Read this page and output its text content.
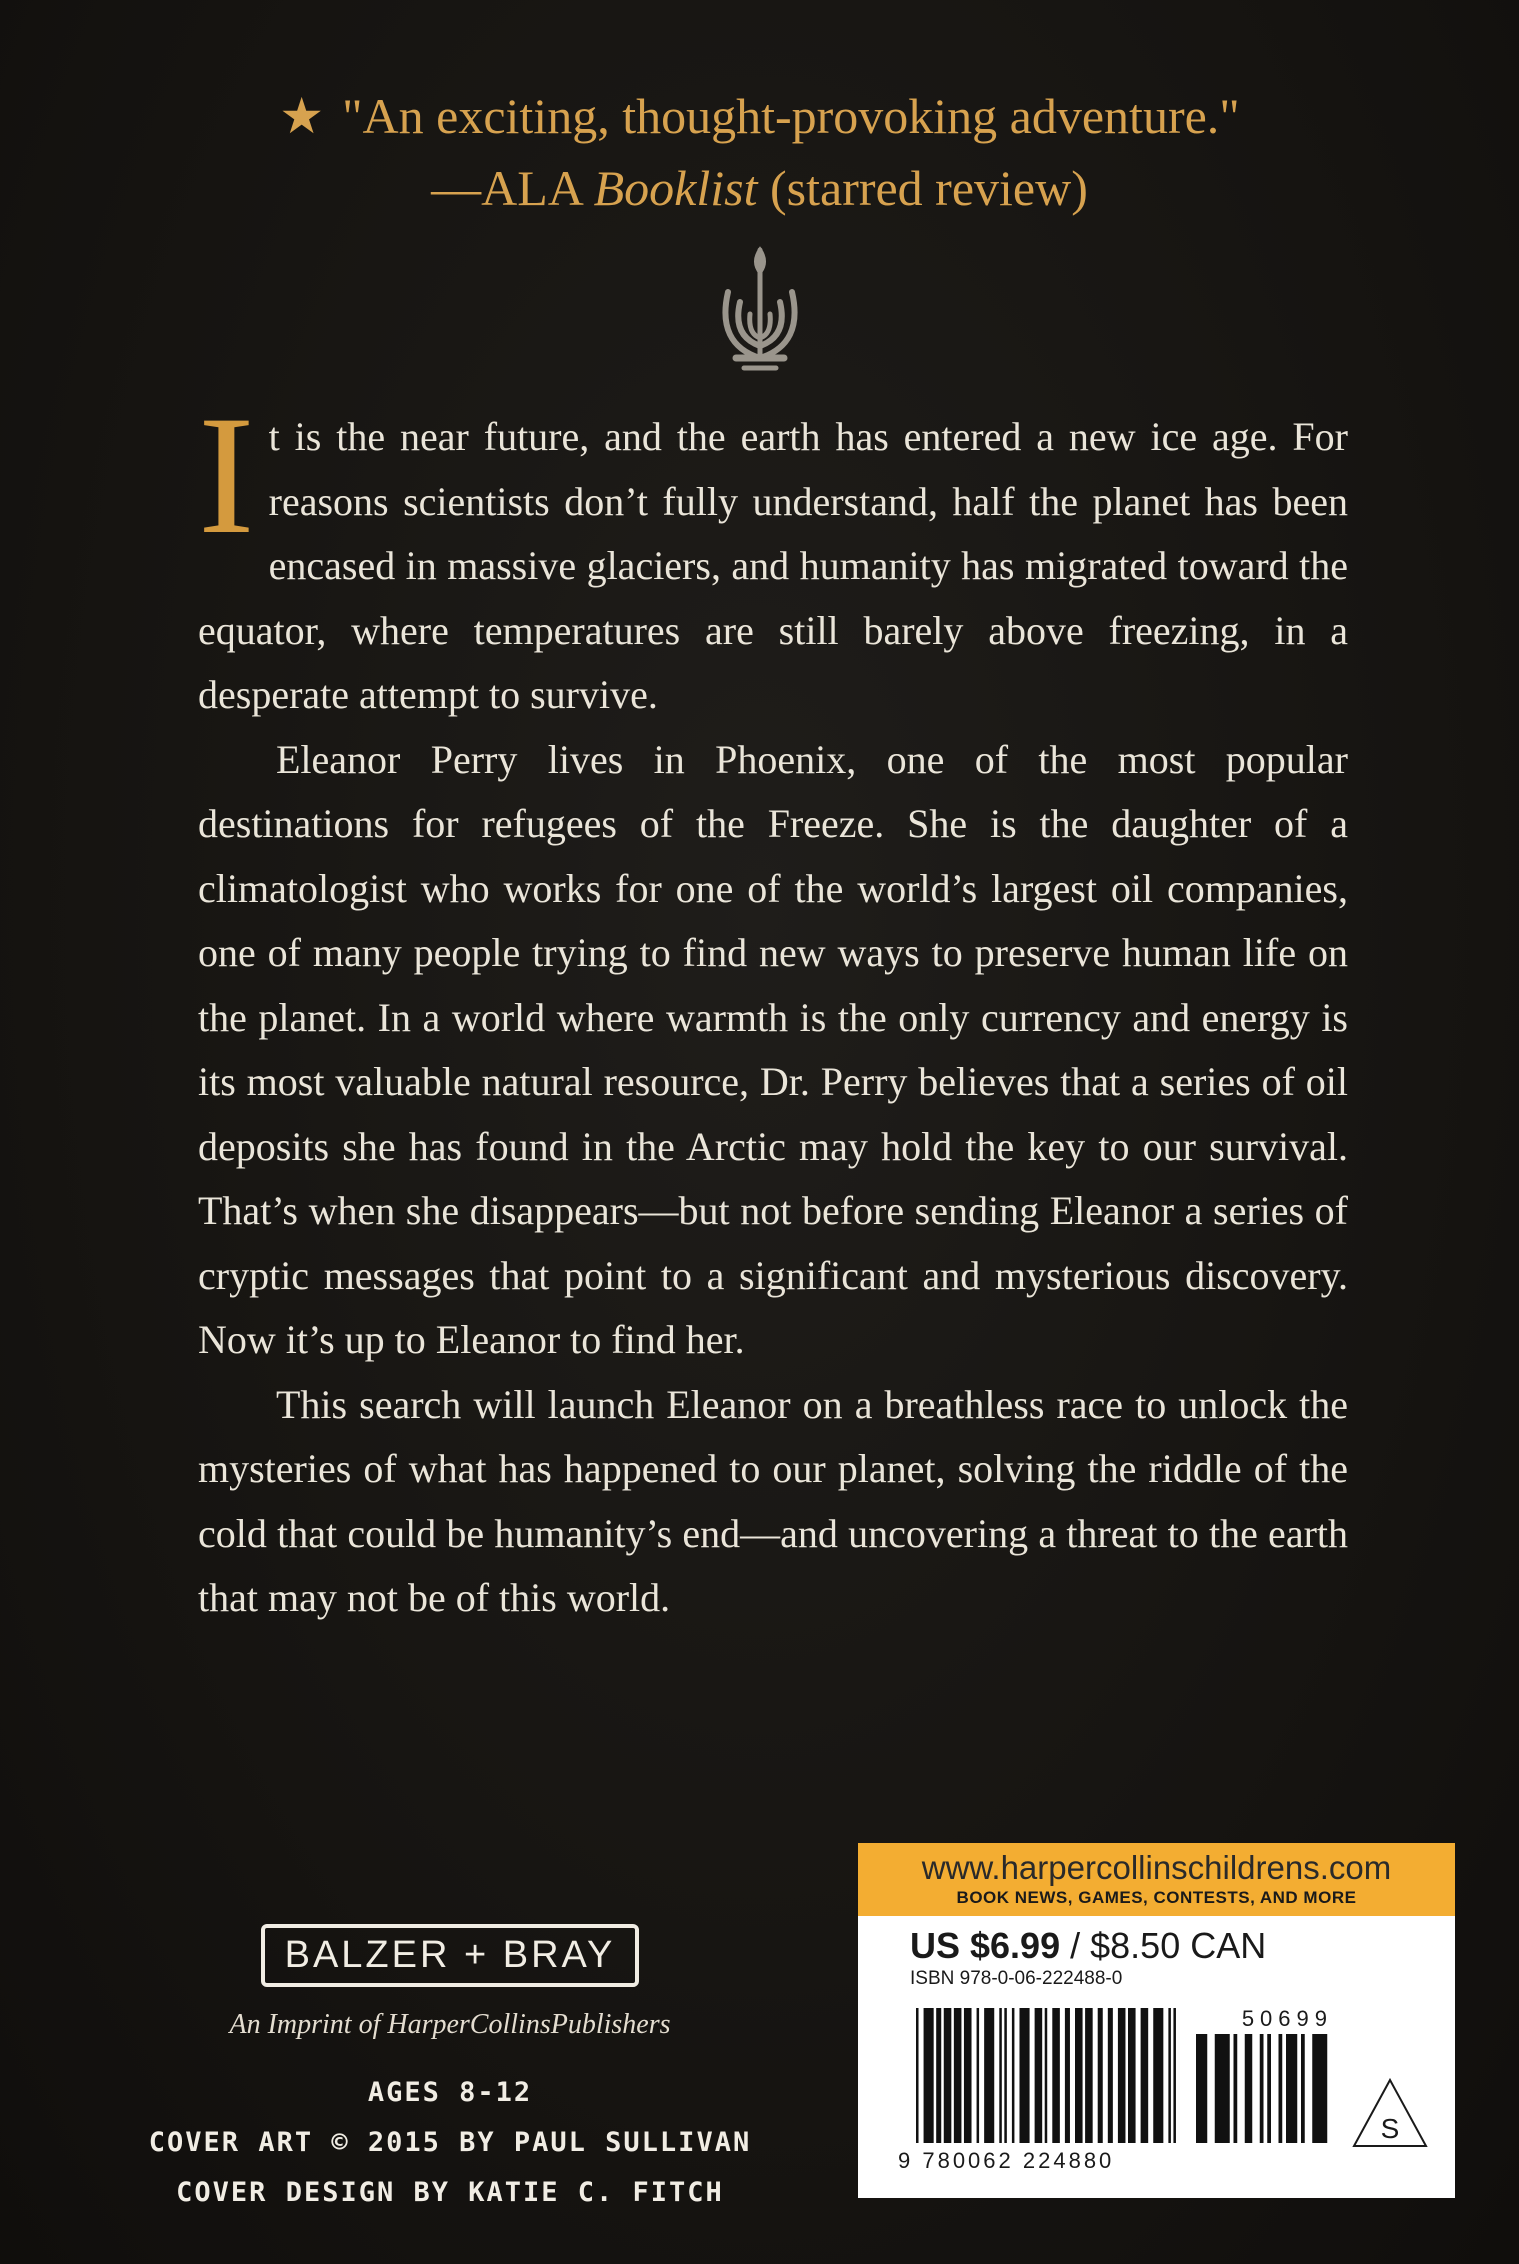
★ "An exciting, thought-provoking adventure."
—ALA Booklist (starred review)

It is the near future, and the earth has entered a new ice age. For reasons scientists don’t fully understand, half the planet has been encased in massive glaciers, and humanity has migrated toward the equator, where temperatures are still barely above freezing, in a desperate attempt to survive.

Eleanor Perry lives in Phoenix, one of the most popular destinations for refugees of the Freeze. She is the daughter of a climatologist who works for one of the world’s largest oil companies, one of many people trying to find new ways to preserve human life on the planet. In a world where warmth is the only currency and energy is its most valuable natural resource, Dr. Perry believes that a series of oil deposits she has found in the Arctic may hold the key to our survival. That’s when she disappears—but not before sending Eleanor a series of cryptic messages that point to a significant and mysterious discovery. Now it’s up to Eleanor to find her.

This search will launch Eleanor on a breathless race to unlock the mysteries of what has happened to our planet, solving the riddle of the cold that could be humanity’s end—and uncovering a threat to the earth that may not be of this world.

BALZER + BRAY
An Imprint of HarperCollinsPublishers
AGES 8-12
COVER ART © 2015 BY PAUL SULLIVAN
COVER DESIGN BY KATIE C. FITCH
www.harpercollinschildrens.com
BOOK NEWS, GAMES, CONTESTS, AND MORE
US $6.99 / $8.50 CAN
ISBN 978-0-06-222488-0
50699
9 780062 224880
S
